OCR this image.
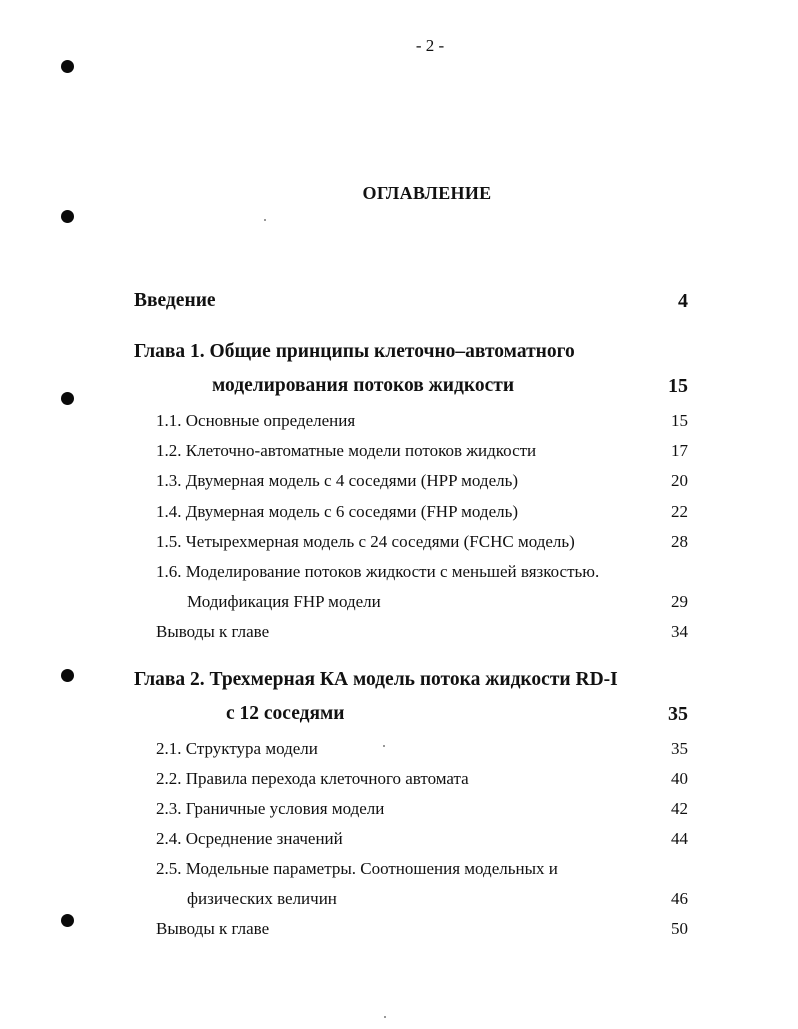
- 2 -
ОГЛАВЛЕНИЕ
Введение	4
Глава 1. Общие принципы клеточно–автоматного
моделирования потоков жидкости	15
1.1. Основные определения	15
1.2. Клеточно-автоматные модели потоков жидкости	17
1.3. Двумерная модель с 4 соседями (HPP модель)	20
1.4. Двумерная модель с 6 соседями (FHP модель)	22
1.5. Четырехмерная модель с 24 соседями (FCHC модель)	28
1.6. Моделирование потоков жидкости с меньшей вязкостью.
Модификация FHP модели	29
Выводы к главе	34
Глава 2. Трехмерная КА модель потока жидкости RD-I
с 12 соседями	35
2.1. Структура модели	35
2.2. Правила перехода клеточного автомата	40
2.3. Граничные условия модели	42
2.4. Осреднение значений	44
2.5. Модельные параметры. Соотношения модельных и
физических величин	46
Выводы к главе	50
